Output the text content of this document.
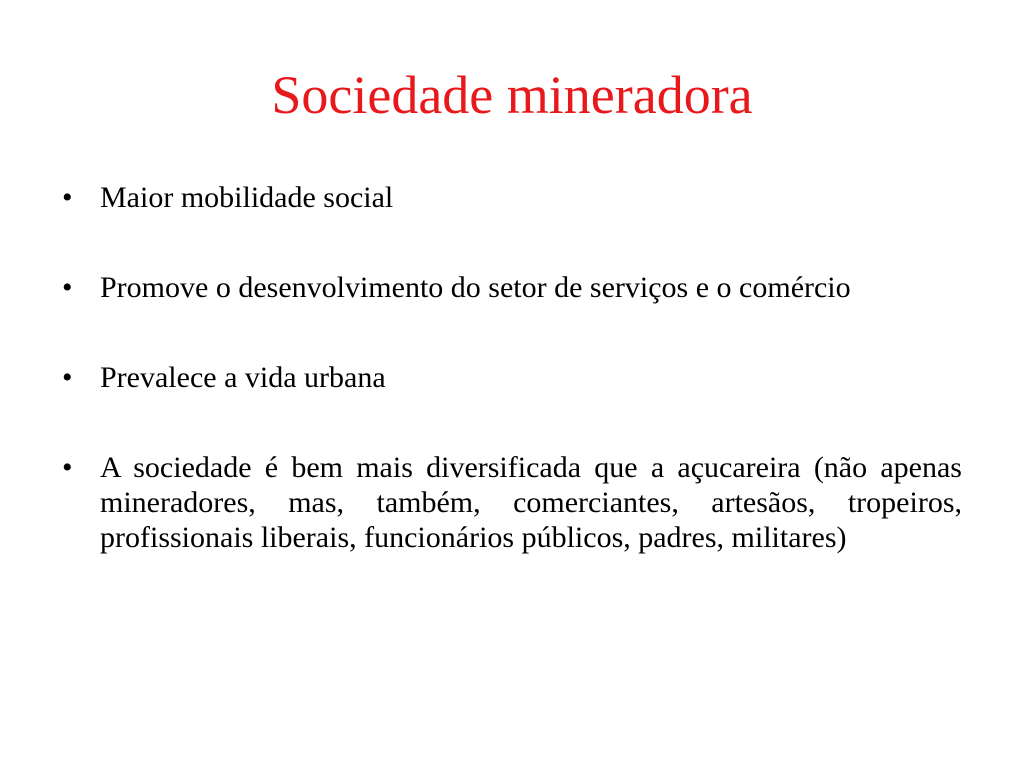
Sociedade mineradora
• Maior mobilidade social
• Promove o desenvolvimento do setor de serviços e o comércio
• Prevalece a vida urbana
• A sociedade é bem mais diversificada que a açucareira (não apenas mineradores, mas, também, comerciantes, artesãos, tropeiros, profissionais liberais, funcionários públicos, padres, militares)
